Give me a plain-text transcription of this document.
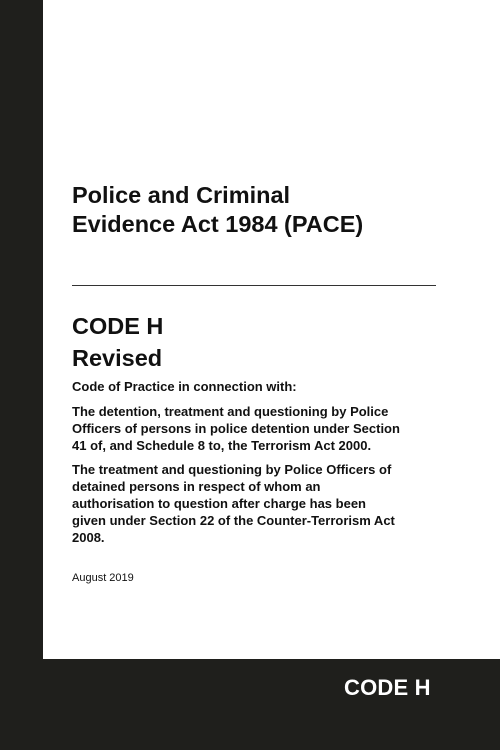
Police and Criminal
Evidence Act 1984 (PACE)
CODE H
Revised
Code of Practice in connection with:
The detention, treatment and questioning by Police
Officers of persons in police detention under Section
41 of, and Schedule 8 to, the Terrorism Act 2000.
The treatment and questioning by Police Officers of
detained persons in respect of whom an
authorisation to question after charge has been
given under Section 22 of the Counter-Terrorism Act
2008.
August 2019
CODE H
